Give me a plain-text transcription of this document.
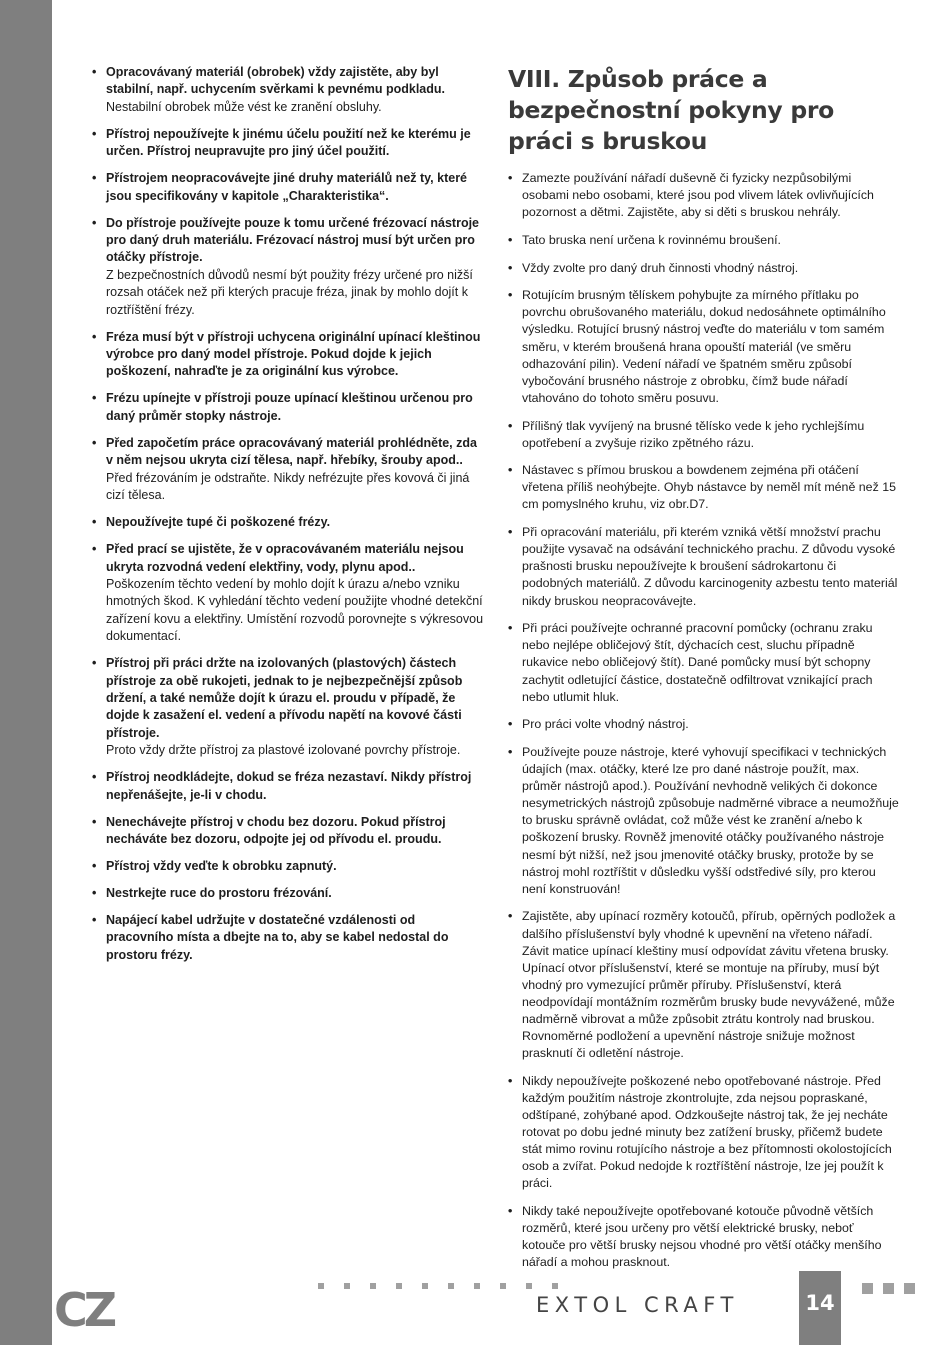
• Opracovávaný materiál (obrobek) vždy zajistěte, aby byl stabilní, např. uchycením svěrkami k pevnému podkladu.
Nestabilní obrobek může vést ke zranění obsluhy.
• Přístroj nepoužívejte k jinému účelu použití než ke kterému je určen. Přístroj neupravujte pro jiný účel použití.
• Přístrojem neopracovávejte jiné druhy materiálů než ty, které jsou specifikovány v kapitole „Charakteristika“.
• Do přístroje používejte pouze k tomu určené frézovací nástroje pro daný druh materiálu. Frézovací nástroj musí být určen pro otáčky přístroje.
Z bezpečnostních důvodů nesmí být použity frézy určené pro nižší rozsah otáček než při kterých pracuje fréza, jinak by mohlo dojít k roztříštění frézy.
• Fréza musí být v přístroji uchycena originální upínací kleštinou výrobce pro daný model přístroje. Pokud dojde k jejich poškození, nahraďte je za originální kus výrobce.
• Frézu upínejte v přístroji pouze upínací kleštinou určenou pro daný průměr stopky nástroje.
• Před započetím práce opracovávaný materiál prohlédněte, zda v něm nejsou ukryta cizí tělesa, např. hřebíky, šrouby apod..
Před frézováním je odstraňte. Nikdy nefrézujte přes kovová či jiná cizí tělesa.
• Nepoužívejte tupé či poškozené frézy.
• Před prací se ujistěte, že v opracovávaném materiálu nejsou ukryta rozvodná vedení elektřiny, vody, plynu apod..
Poškozením těchto vedení by mohlo dojít k úrazu a/nebo vzniku hmotných škod. K vyhledání těchto vedení použijte vhodné detekční zařízení kovu a elektřiny. Umístění rozvodů porovnejte s výkresovou dokumentací.
• Přístroj při práci držte na izolovaných (plastových) částech přístroje za obě rukojeti, jednak to je nejbezpečnější způsob držení, a také nemůže dojít k úrazu el. proudu v případě, že dojde k zasažení el. vedení a přívodu napětí na kovové části přístroje.
Proto vždy držte přístroj za plastové izolované povrchy přístroje.
• Přístroj neodkládejte, dokud se fréza nezastaví. Nikdy přístroj nepřenášejte, je-li v chodu.
• Nenechávejte přístroj v chodu bez dozoru. Pokud přístroj necháváte bez dozoru, odpojte jej od přívodu el. proudu.
• Přístroj vždy veďte k obrobku zapnutý.
• Nestrkejte ruce do prostoru frézování.
• Napájecí kabel udržujte v dostatečné vzdálenosti od pracovního místa a dbejte na to, aby se kabel nedostal do prostoru frézy.
VIII. Způsob práce a bezpečnostní pokyny pro práci s bruskou
• Zamezte používání nářadí duševně či fyzicky nezpůsobilými osobami nebo osobami, které jsou pod vlivem látek ovlivňujících pozornost a dětmi. Zajistěte, aby si děti s bruskou nehrály.
• Tato bruska není určena k rovinnému broušení.
• Vždy zvolte pro daný druh činnosti vhodný nástroj.
• Rotujícím brusným tělískem pohybujte za mírného přítlaku po povrchu obrušovaného materiálu, dokud nedosáhnete optimálního výsledku. Rotující brusný nástroj veďte do materiálu v tom samém směru, v kterém broušená hrana opouští materiál (ve směru odhazování pilin). Vedení nářadí ve špatném směru způsobí vybočování brusného nástroje z obrobku, čímž bude nářadí vtahováno do tohoto směru posuvu.
• Přílišný tlak vyvíjený na brusné tělísko vede k jeho rychlejšímu opotřebení a zvyšuje riziko zpětného rázu.
• Nástavec s přímou bruskou a bowdenem zejména při otáčení vřetena příliš neohýbejte. Ohyb nástavce by neměl mít méně než 15 cm pomyslného kruhu, viz obr.D7.
• Při opracování materiálu, při kterém vzniká větší množství prachu použijte vysavač na odsávání technického prachu. Z důvodu vysoké prašnosti brusku nepoužívejte k broušení sádrokartonu či podobných materiálů. Z důvodu karcinogenity azbestu tento materiál nikdy bruskou neopracovávejte.
• Při práci používejte ochranné pracovní pomůcky (ochranu zraku nebo nejlépe obličejový štít, dýchacích cest, sluchu případně rukavice nebo obličejový štít). Dané pomůcky musí být schopny zachytit odletující částice, dostatečně odfiltrovat vznikající prach nebo utlumit hluk.
• Pro práci volte vhodný nástroj.
• Používejte pouze nástroje, které vyhovují specifikaci v technických údajích (max. otáčky, které lze pro dané nástroje použít, max. průměr nástrojů apod.). Používání nevhodně velikých či dokonce nesymetrických nástrojů způsobuje nadměrné vibrace a neumožňuje to brusku správně ovládat, což může vést ke zranění a/nebo k poškození brusky. Rovněž jmenovité otáčky používaného nástroje nesmí být nižší, než jsou jmenovité otáčky brusky, protože by se nástroj mohl roztříštit v důsledku vyšší odstředivé síly, pro kterou není konstruován!
• Zajistěte, aby upínací rozměry kotoučů, přírub, opěrných podložek a dalšího příslušenství byly vhodné k upevnění na vřeteno nářadí. Závit matice upínací kleštiny musí odpovídat závitu vřetena brusky. Upínací otvor příslušenství, které se montuje na příruby, musí být vhodný pro vymezující průměr příruby. Příslušenství, která neodpovídají montážním rozměrům brusky bude nevyvážené, může nadměrně vibrovat a může způsobit ztrátu kontroly nad bruskou. Rovnoměrné podložení a upevnění nástroje snižuje možnost prasknutí či odletění nástroje.
• Nikdy nepoužívejte poškozené nebo opotřebované nástroje. Před každým použitím nástroje zkontrolujte, zda nejsou popraskané, odštípané, zohýbané apod. Odzkoušejte nástroj tak, že jej necháte rotovat po dobu jedné minuty bez zatížení brusky, přičemž budete stát mimo rovinu rotujícího nástroje a bez přítomnosti okolostojících osob a zvířat. Pokud nedojde k roztříštění nástroje, lze jej použít k práci.
• Nikdy také nepoužívejte opotřebované kotouče původně větších rozměrů, které jsou určeny pro větší elektrické brusky, neboť kotouče pro větší brusky nejsou vhodné pro větší otáčky menšího nářadí a mohou prasknout.
CZ	EXTOL CRAFT	14
